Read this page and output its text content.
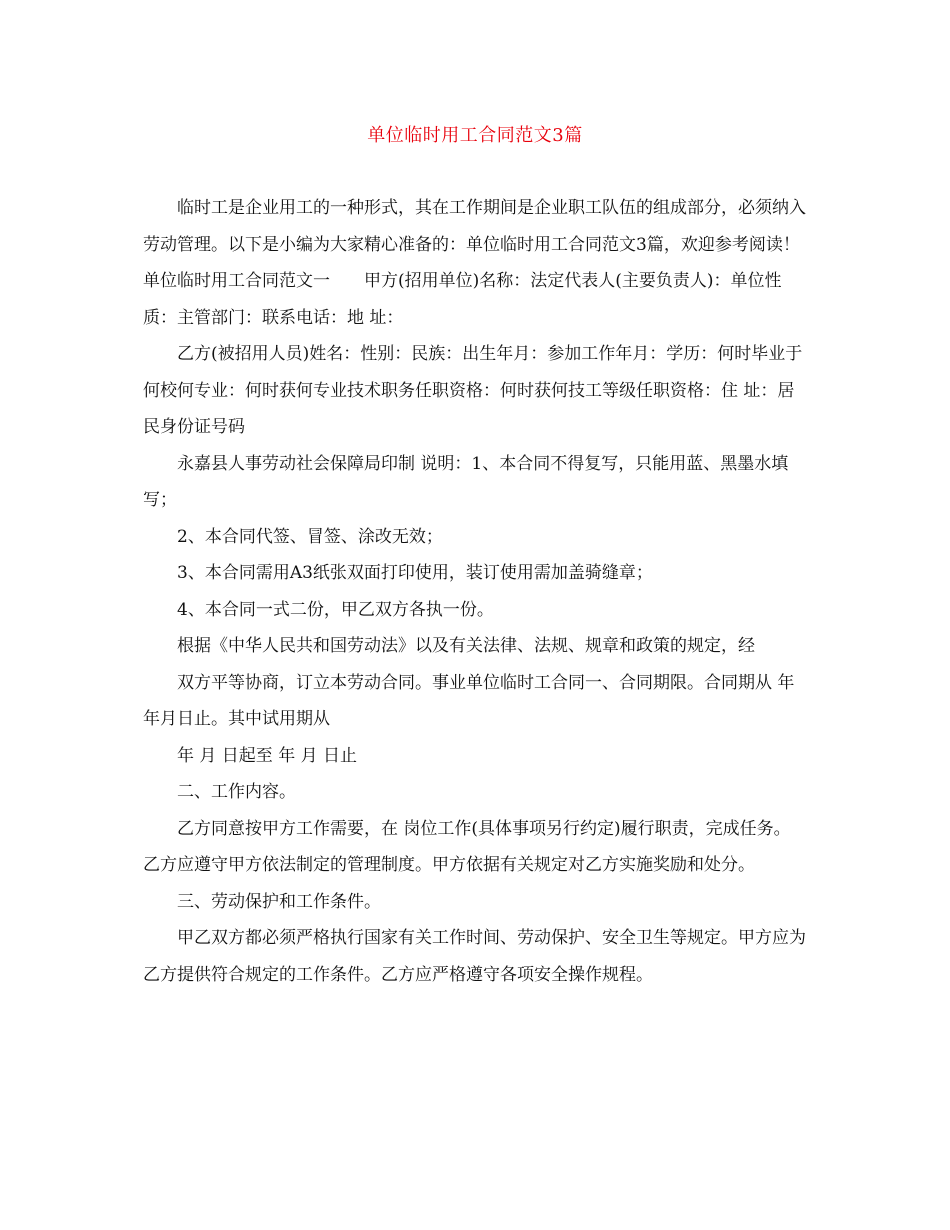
单位临时用工合同范文3篇

临时工是企业用工的一种形式，其在工作期间是企业职工队伍的组成部分，必须纳入劳动管理。以下是小编为大家精心准备的：单位临时用工合同范文3篇，欢迎参考阅读！

单位临时用工合同范文一　　甲方(招用单位)名称：法定代表人(主要负责人)：单位性质：主管部门：联系电话：地 址：

乙方(被招用人员)姓名：性别：民族：出生年月：参加工作年月：学历：何时毕业于何校何专业：何时获何专业技术职务任职资格：何时获何技工等级任职资格：住 址：居民身份证号码

永嘉县人事劳动社会保障局印制 说明：1、本合同不得复写，只能用蓝、黑墨水填写；

2、本合同代签、冒签、涂改无效；

3、本合同需用A3纸张双面打印使用，装订使用需加盖骑缝章；

4、本合同一式二份，甲乙双方各执一份。

根据《中华人民共和国劳动法》以及有关法律、法规、规章和政策的规定，经

双方平等协商，订立本劳动合同。事业单位临时工合同一、合同期限。合同期从 年 年月日止。其中试用期从

年 月 日起至 年 月 日止

二、工作内容。

乙方同意按甲方工作需要，在 岗位工作(具体事项另行约定)履行职责，完成任务。乙方应遵守甲方依法制定的管理制度。甲方依据有关规定对乙方实施奖励和处分。

三、劳动保护和工作条件。

甲乙双方都必须严格执行国家有关工作时间、劳动保护、安全卫生等规定。甲方应为乙方提供符合规定的工作条件。乙方应严格遵守各项安全操作规程。
